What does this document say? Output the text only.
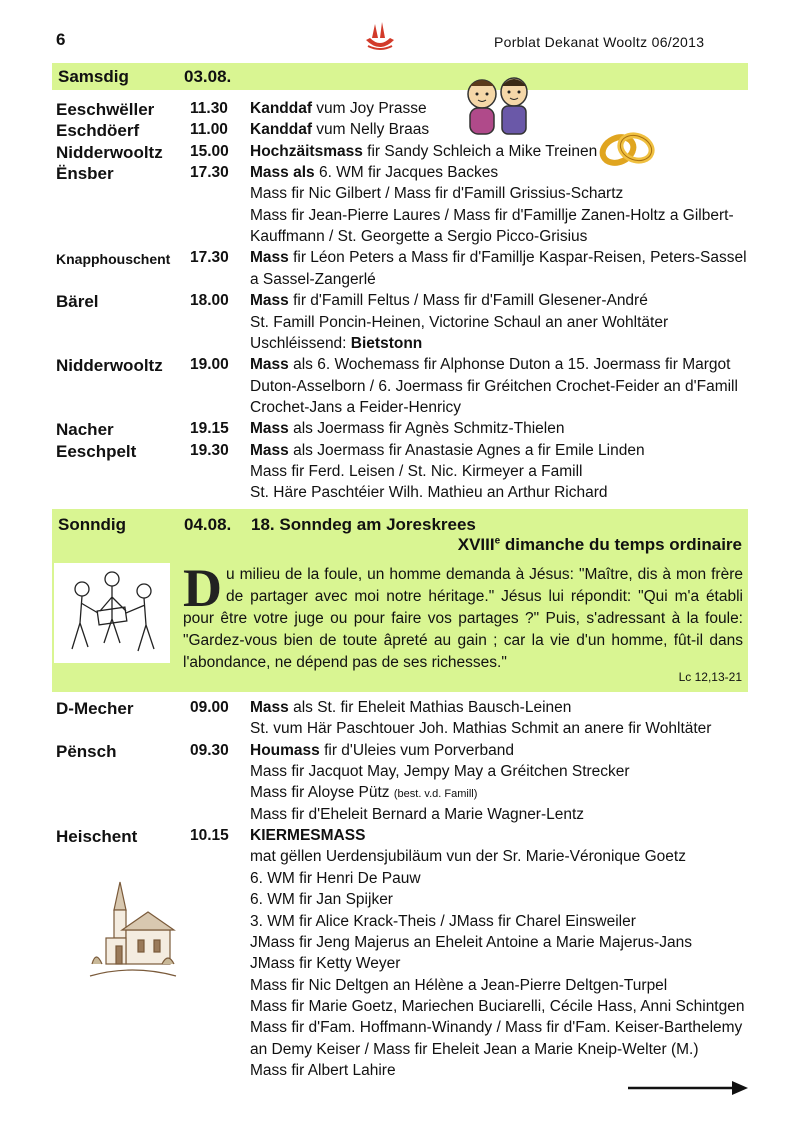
6	Porblat Dekanat Wooltz 06/2013
Samsdig	03.08.
Eeschwëller 11.30 Kanddaf vum Joy Prasse
Eschdöerf	11.00 Kanddaf vum Nelly Braas
Nidderwooltz 15.00 Hochzäitsmass fir Sandy Schleich a Mike Treinen
Ënsber	17.30 Mass als 6. WM fir Jacques Backes
Mass fir Nic Gilbert / Mass fir d'Famill Grissius-Schartz
Mass fir Jean-Pierre Laures / Mass fir d'Famillje Zanen-Holtz a Gilbert-
Kauffmann / St. Georgette a Sergio Picco-Grisius
Knapphouschent 17.30 Mass fir Léon Peters a Mass fir d'Famillje Kaspar-Reisen, Peters-Sassel
a Sassel-Zangerlé
Bärel	18.00 Mass fir d'Famill Feltus / Mass fir d'Famill Glesener-André
St. Famill Poncin-Heinen, Victorine Schaul an aner Wohltäter
Uschléissend: Bietstonn
Nidderwooltz 19.00 Mass als 6. Wochemass fir Alphonse Duton a 15. Joermass fir Margot
Duton-Asselborn / 6. Joermass fir Gréitchen Crochet-Feider an d'Famill
Crochet-Jans a Feider-Henricy
Nacher	19.15 Mass als Joermass fir Agnès Schmitz-Thielen
Eeschpelt	19.30 Mass als Joermass fir Anastasie Agnes a fir Emile Linden
Mass fir Ferd. Leisen / St. Nic. Kirmeyer a Famill
St. Häre Paschtéier Wilh. Mathieu an Arthur Richard
Sonndig	04.08. 18. Sonndeg am Joreskrees
XVIIIe dimanche du temps ordinaire
Du milieu de la foule, un homme demanda à Jésus: "Maître, dis à mon frère de partager avec moi notre héritage." Jésus lui répondit: "Qui m'a établi pour être votre juge ou pour faire vos partages ?" Puis, s'adressant à la foule: "Gardez-vous bien de toute âpreté au gain ; car la vie d'un homme, fût-il dans l'abondance, ne dépend pas de ses richesses."
Lc 12,13-21
D-Mecher	09.00 Mass als St. fir Eheleit Mathias Bausch-Leinen
St. vum Här Paschtouer Joh. Mathias Schmit an anere fir Wohltäter
Pënsch	09.30 Houmass fir d'Uleies vum Porverband
Mass fir Jacquot May, Jempy May a Gréitchen Strecker
Mass fir Aloyse Pütz (best. v.d. Famill)
Mass fir d'Eheleit Bernard a Marie Wagner-Lentz
Heischent	10.15 KIERMESMASS
mat gëllen Uerdensjubiläum vun der Sr. Marie-Véronique Goetz
6. WM fir Henri De Pauw
6. WM fir Jan Spijker
3. WM fir Alice Krack-Theis / JMass fir Charel Einsweiler
JMass fir Jeng Majerus an Eheleit Antoine a Marie Majerus-Jans
JMass fir Ketty Weyer
Mass fir Nic Deltgen an Hélène a Jean-Pierre Deltgen-Turpel
Mass fir Marie Goetz, Mariechen Buciarelli, Cécile Hass, Anni Schintgen
Mass fir d'Fam. Hoffmann-Winandy / Mass fir d'Fam. Keiser-Barthelemy
an Demy Keiser / Mass fir Eheleit Jean a Marie Kneip-Welter (M.)
Mass fir Albert Lahire
